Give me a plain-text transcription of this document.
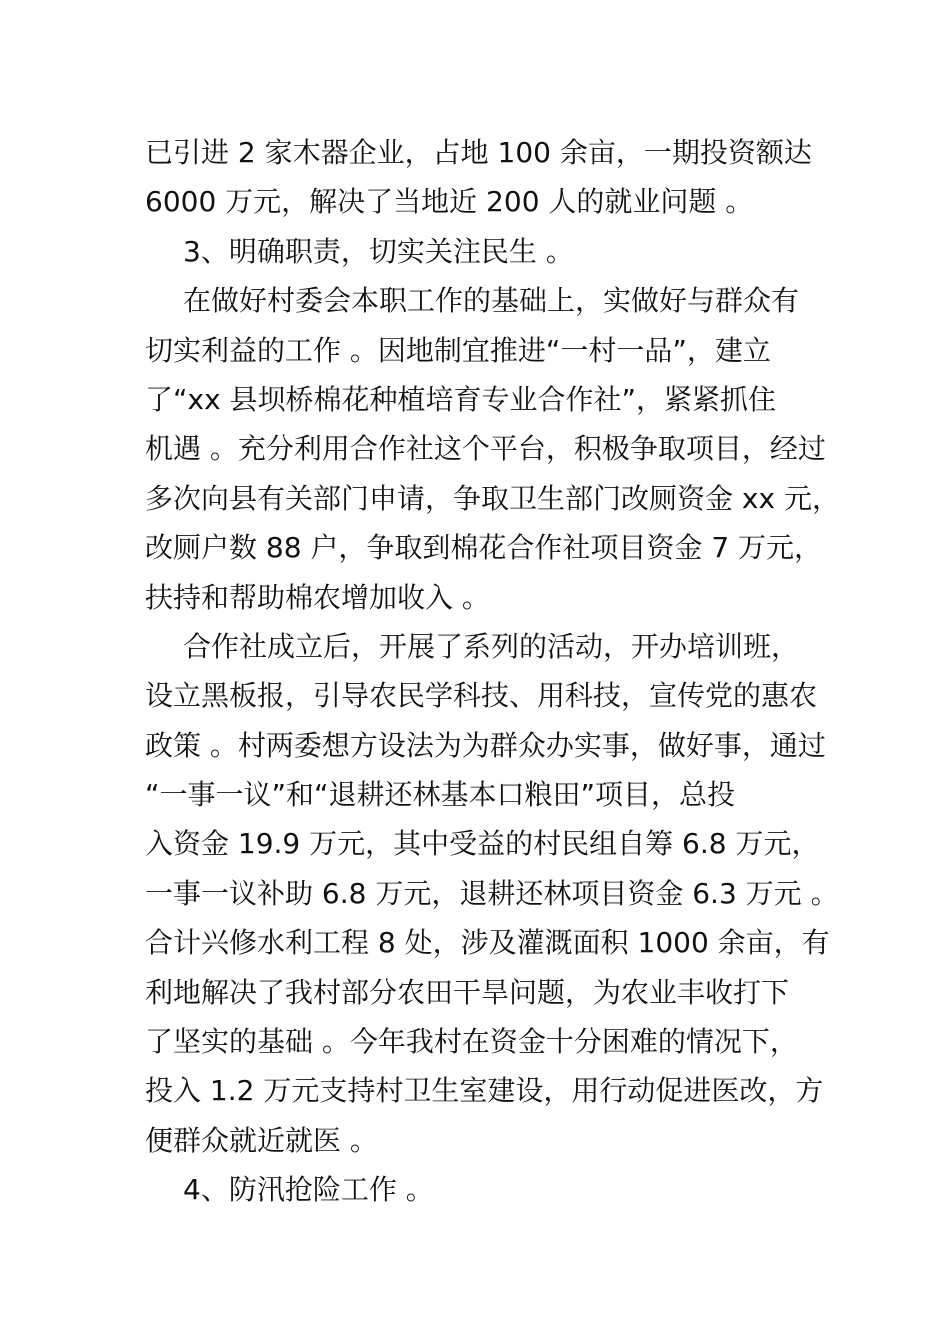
已引进 2 家木器企业，占地 100 余亩，一期投资额达
6000 万元，解决了当地近 200 人的就业问题 。
3、明确职责，切实关注民生 。
在做好村委会本职工作的基础上，实做好与群众有
切实利益的工作 。因地制宜推进“一村一品”，建立
了“xx 县坝桥棉花种植培育专业合作社”，紧紧抓住
机遇 。充分利用合作社这个平台，积极争取项目，经过
多次向县有关部门申请，争取卫生部门改厕资金 xx 元，
改厕户数 88 户，争取到棉花合作社项目资金 7 万元，
扶持和帮助棉农增加收入 。
合作社成立后，开展了系列的活动，开办培训班，
设立黑板报，引导农民学科技、用科技，宣传党的惠农
政策 。村两委想方设法为为群众办实事，做好事，通过
“一事一议”和“退耕还林基本口粮田”项目，总投
入资金 19.9 万元，其中受益的村民组自筹 6.8 万元，
一事一议补助 6.8 万元，退耕还林项目资金 6.3 万元 。
合计兴修水利工程 8 处，涉及灌溉面积 1000 余亩，有
利地解决了我村部分农田干旱问题，为农业丰收打下
了坚实的基础 。今年我村在资金十分困难的情况下，
投入 1.2 万元支持村卫生室建设，用行动促进医改，方
便群众就近就医 。
4、防汛抢险工作 。
